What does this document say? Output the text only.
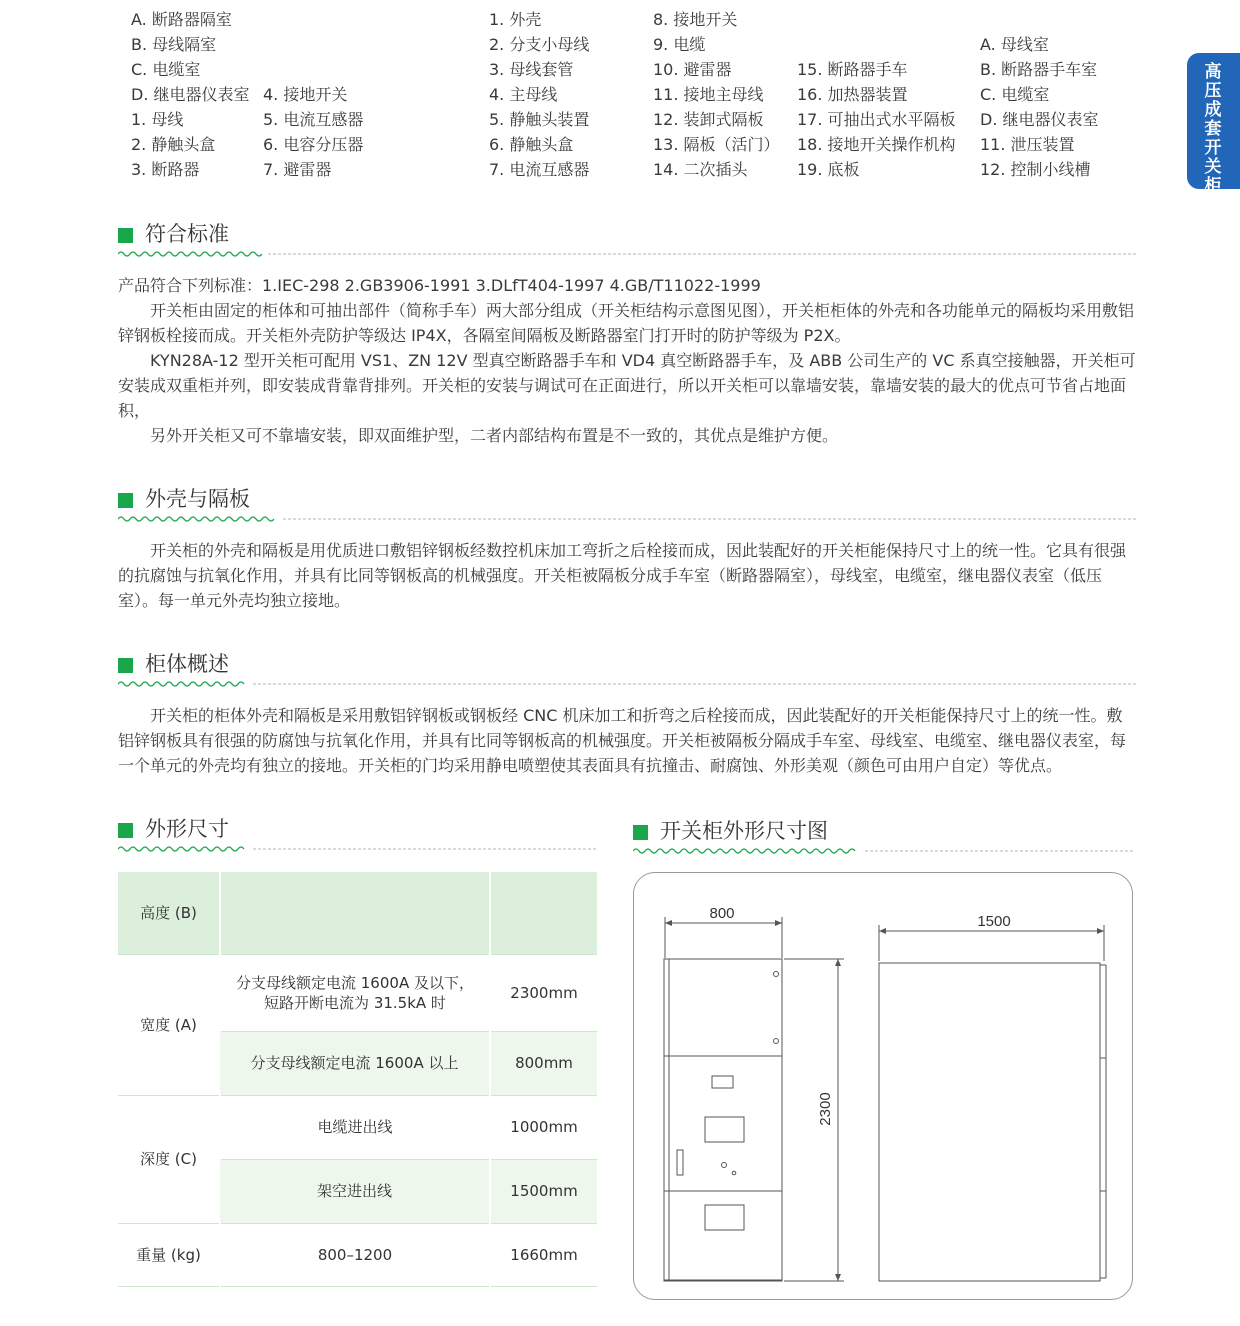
高压成套开关柜
A. 断路器隔室
B. 母线隔室
C. 电缆室
D. 继电器仪表室
1. 母线
2. 静触头盒
3. 断路器
4. 接地开关
5. 电流互感器
6. 电容分压器
7. 避雷器
1. 外壳
2. 分支小母线
3. 母线套管
4. 主母线
5. 静触头装置
6. 静触头盒
7. 电流互感器
8. 接地开关
9. 电缆
10. 避雷器
11. 接地主母线
12. 装卸式隔板
13. 隔板（活门）
14. 二次插头
15. 断路器手车
16. 加热器装置
17. 可抽出式水平隔板
18. 接地开关操作机构
19. 底板
A. 母线室
B. 断路器手车室
C. 电缆室
D. 继电器仪表室
11. 泄压装置
12. 控制小线槽
符合标准

产品符合下列标准：1.IEC-298 2.GB3906-1991 3.DLfT404-1997 4.GB/T11022-1999

开关柜由固定的柜体和可抽出部件（简称手车）两大部分组成（开关柜结构示意图见图），开关柜柜体的外壳和各功能单元的隔板均采用敷铝锌钢板栓接而成。开关柜外壳防护等级达 IP4X，各隔室间隔板及断路器室门打开时的防护等级为 P2X。

KYN28A-12 型开关柜可配用 VS1、ZN 12V 型真空断路器手车和 VD4 真空断路器手车，及 ABB 公司生产的 VC 系真空接触器，开关柜可安装成双重柜并列，即安装成背靠背排列。开关柜的安装与调试可在正面进行，所以开关柜可以靠墙安装，靠墙安装的最大的优点可节省占地面积，

另外开关柜又可不靠墙安装，即双面维护型，二者内部结构布置是不一致的，其优点是维护方便。

外壳与隔板

开关柜的外壳和隔板是用优质进口敷铝锌钢板经数控机床加工弯折之后栓接而成，因此装配好的开关柜能保持尺寸上的统一性。它具有很强的抗腐蚀与抗氧化作用，并具有比同等钢板高的机械强度。开关柜被隔板分成手车室（断路器隔室），母线室，电缆室，继电器仪表室（低压室）。每一单元外壳均独立接地。

柜体概述

开关柜的柜体外壳和隔板是采用敷铝锌钢板或钢板经 CNC 机床加工和折弯之后栓接而成，因此装配好的开关柜能保持尺寸上的统一性。敷铝锌钢板具有很强的防腐蚀与抗氧化作用，并具有比同等钢板高的机械强度。开关柜被隔板分隔成手车室、母线室、电缆室、继电器仪表室，每一个单元的外壳均有独立的接地。开关柜的门均采用静电喷塑使其表面具有抗撞击、耐腐蚀、外形美观（颜色可由用户自定）等优点。

外形尺寸	开关柜外形尺寸图
高度 (B)		
宽度 (A)	分支母线额定电流 1600A 及以下，
短路开断电流为 31.5kA 时	2300mm
	分支母线额定电流 1600A 以上	800mm
深度 (C)	电缆进出线	1000mm
	架空进出线	1500mm
重量 (kg)	800–1200	1660mm
800	1500
2300
